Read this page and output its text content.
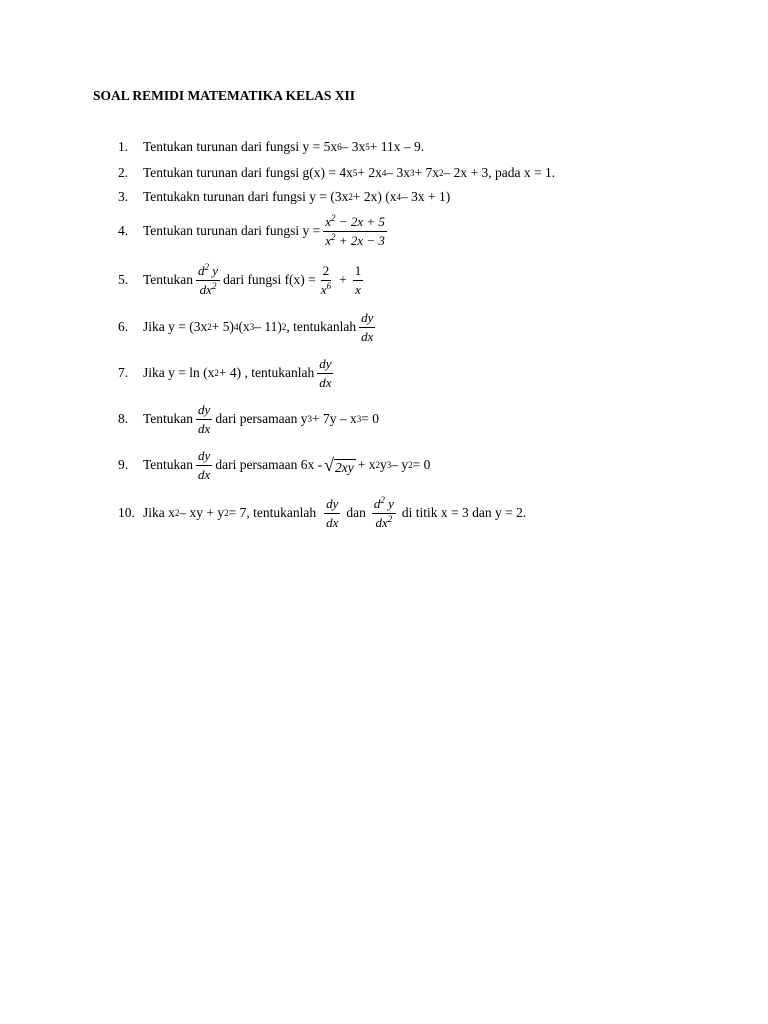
SOAL REMIDI MATEMATIKA KELAS XII
1.	Tentukan turunan dari fungsi y = 5x 6 – 3x 5 + 11x – 9.
2.	Tentukan turunan dari fungsi g(x) = 4x 5 + 2x 4 – 3x 3 + 7x 2 – 2x + 3, pada x = 1.
3.	Tentukakn turunan dari fungsi y = (3x 2 + 2x) (x 4 – 3x + 1)
4.	Tentukan turunan dari fungsi $y = \frac{x^2 - 2x + 5}{x^2 + 2x - 3}$
5.	Tentukan $\frac{d^2 y}{dx^2}$ dari fungsi $f(x) = \frac{2}{x^6} + \frac{1}{x}$
6.	Jika y = (3x 2 + 5) 4 (x 3 – 11) 2 , tentukanlah $\frac{dy}{dx}$
7.	Jika y = ln (x 2 + 4) , tentukanlah $\frac{dy}{dx}$
8.	Tentukan $\frac{dy}{dx}$ dari persamaan y 3 + 7y – x 3 = 0
9.	Tentukan $\frac{dy}{dx}$ dari persamaan 6x - √ 2xy + x 2 y 3 – y 2 = 0
10. Jika x 2 – xy + y 2 = 7, tentukanlah $\frac{dy}{dx}$ dan $\frac{d^2 y}{dx^2}$ di titik x = 3 dan y = 2.
